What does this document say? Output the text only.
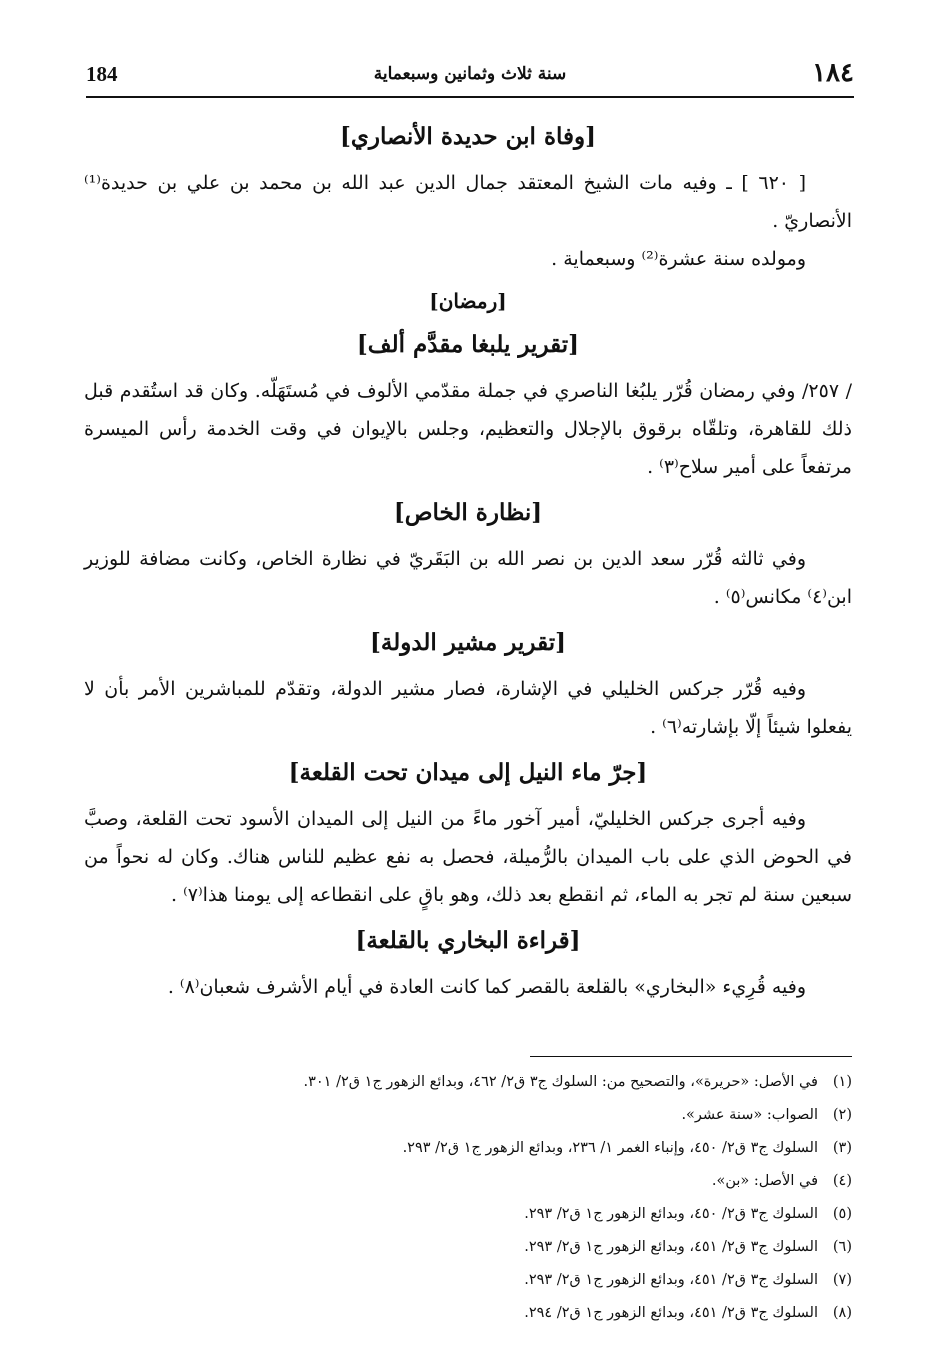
184	سنة ثلاث وثمانين وسبعماية	١٨٤
[وفاة ابن حديدة الأنصاري]

[ ٦٢٠ ] ـ وفيه مات الشيخ المعتقد جمال الدين عبد الله بن محمد بن علي بن حديدة⁽¹⁾ الأنصاريّ .

ومولده سنة عشرة⁽²⁾ وسبعماية .

[رمضان]
[تقرير يلبغا مقدَّم ألف]

/ ٢٥٧/ وفي رمضان قُرّر يلبُغا الناصري في جملة مقدّمي الألوف في مُستَهَلّه. وكان قد استُقدم قبل ذلك للقاهرة، وتلقّاه برقوق بالإجلال والتعظيم، وجلس بالإيوان في وقت الخدمة رأس الميسرة مرتفعاً على أمير سلاح⁽٣⁾ .

[نظارة الخاص]

وفي ثالثه قُرّر سعد الدين بن نصر الله بن البَقَريّ في نظارة الخاص، وكانت مضافة للوزير ابن⁽٤⁾ مكانس⁽٥⁾ .

[تقرير مشير الدولة]

وفيه قُرّر جركس الخليلي في الإشارة، فصار مشير الدولة، وتقدّم للمباشرين الأمر بأن لا يفعلوا شيئاً إلّا بإشارته⁽٦⁾ .

[جرّ ماء النيل إلى ميدان تحت القلعة]

وفيه أجرى جركس الخليليّ، أمير آخور ماءً من النيل إلى الميدان الأسود تحت القلعة، وصبَّ في الحوض الذي على باب الميدان بالرُّميلة، فحصل به نفع عظيم للناس هناك. وكان له نحواً من سبعين سنة لم تجر به الماء، ثم انقطع بعد ذلك، وهو باقٍ على انقطاعه إلى يومنا هذا⁽٧⁾ .

[قراءة البخاري بالقلعة]

وفيه قُرِيء «البخاري» بالقلعة بالقصر كما كانت العادة في أيام الأشرف شعبان⁽٨⁾ .

(١)في الأصل: «حريرة»، والتصحيح من: السلوك ج٣ ق٢/ ٤٦٢، وبدائع الزهور ج١ ق٢/ ٣٠١.
(٢)الصواب: «سنة عشر».
(٣)السلوك ج٣ ق٢/ ٤٥٠، وإنباء الغمر ١/ ٢٣٦، وبدائع الزهور ج١ ق٢/ ٢٩٣.
(٤)في الأصل: «بن».
(٥)السلوك ج٣ ق٢/ ٤٥٠، وبدائع الزهور ج١ ق٢/ ٢٩٣.
(٦)السلوك ج٣ ق٢/ ٤٥١، وبدائع الزهور ج١ ق٢/ ٢٩٣.
(٧)السلوك ج٣ ق٢/ ٤٥١، وبدائع الزهور ج١ ق٢/ ٢٩٣.
(٨)السلوك ج٣ ق٢/ ٤٥١، وبدائع الزهور ج١ ق٢/ ٢٩٤.
